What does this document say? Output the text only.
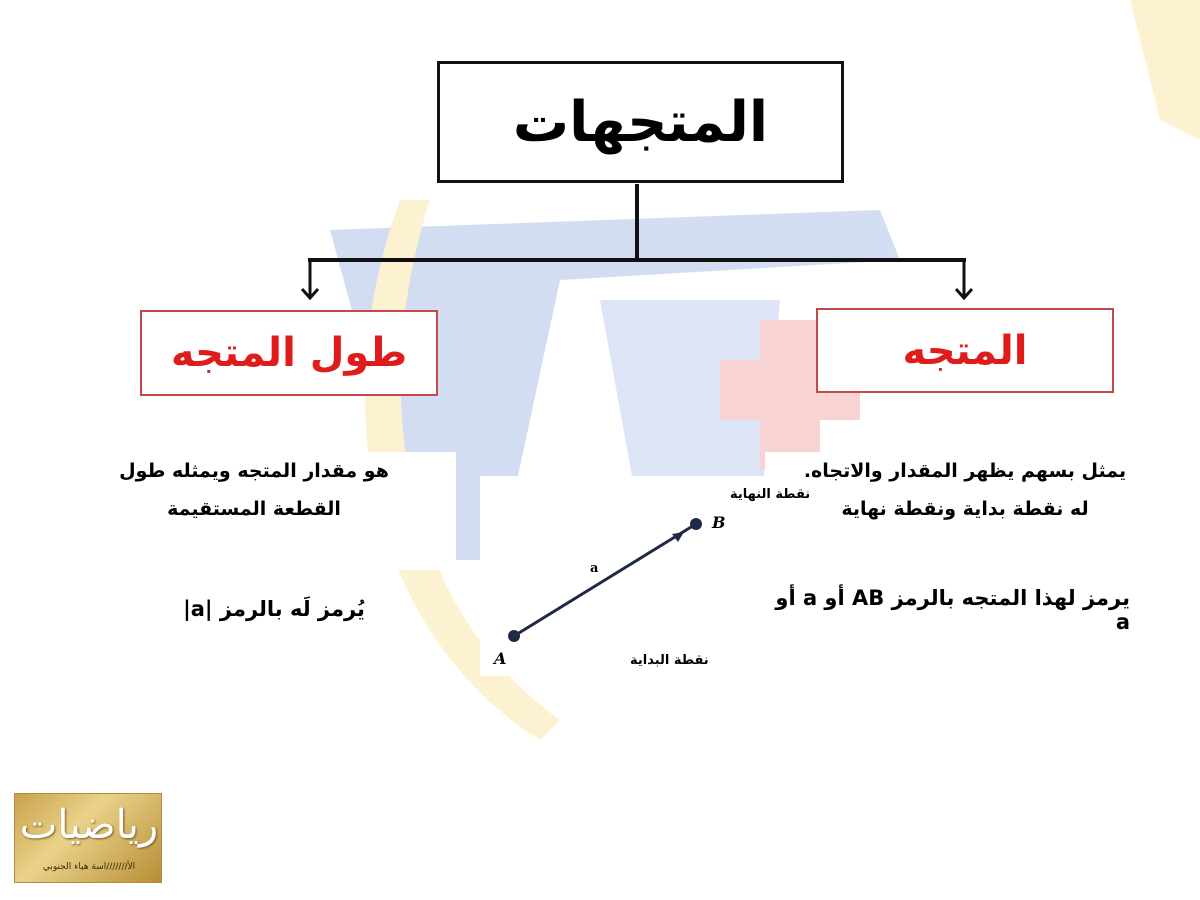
المتجهات
طول المتجه	المتجه
هو مقدار المتجه ويمثله طول
القطعة المستقيمة
يمثل بسهم يظهر المقدار والاتجاه.
له نقطة بداية ونقطة نهاية
يُرمز لَه بالرمز |a|	يرمز لهذا المتجه بالرمز AB أو a أو a
نقطة النهاية
B
a
A	نقطة البداية
رياضيات
الأ///////اسة هياء الجنوبي
